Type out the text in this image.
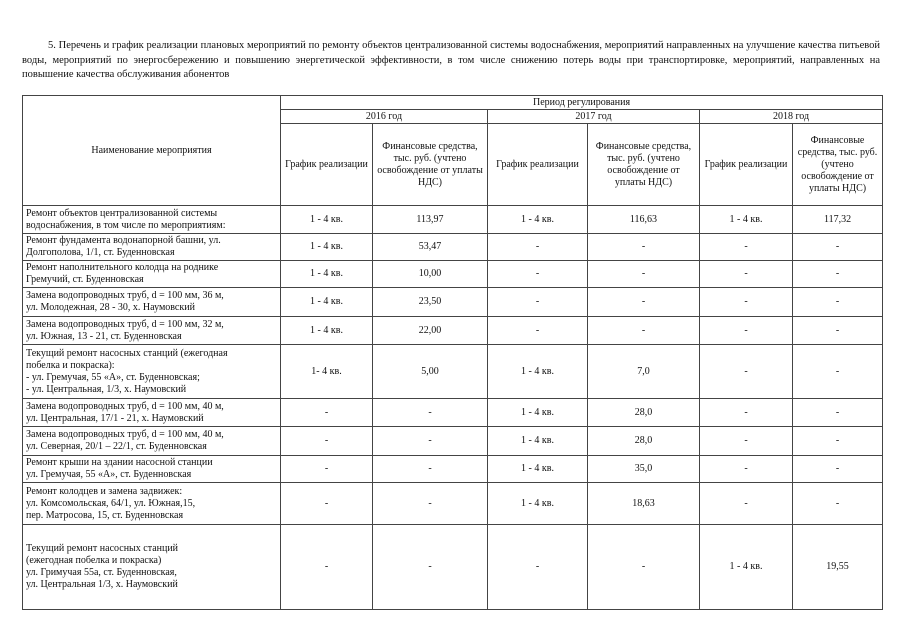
5. Перечень и график реализации плановых мероприятий по ремонту объектов централизованной системы водоснабжения, мероприятий направленных на улучшение качества питьевой воды, мероприятий по энергосбережению и повышению энергетической эффективности, в том числе снижению потерь воды при транспортировке, мероприятий, направленных на повышение качества обслуживания абонентов
Наименование мероприятия	Период регулирования					
	2016 год		2017 год		2018 год	
	График реализации	Финансовые средства, тыс. руб. (учтено освобождение от уплаты НДС)	График реализации	Финансовые средства, тыс. руб. (учтено освобождение от уплаты НДС)	График реализации	Финансовые средства, тыс. руб. (учтено освобождение от уплаты НДС)

Ремонт объектов централизованной системы
водоснабжения, в том числе по мероприятиям:	1 - 4 кв.	113,97	1 - 4 кв.	116,63	1 - 4 кв.	117,32

Ремонт фундамента водонапорной башни, ул.
Долгополова, 1/1, ст. Буденновская	1 - 4 кв.	53,47	-	-	-	-

Ремонт наполнительного колодца на роднике
Гремучий, ст. Буденновская	1 - 4 кв.	10,00	-	-	-	-

Замена водопроводных труб, d = 100 мм, 36 м,
ул. Молодежная, 28 - 30, х. Наумовский	1 - 4 кв.	23,50	-	-	-	-

Замена водопроводных труб, d = 100 мм, 32 м,
ул. Южная, 13 - 21, ст. Буденновская	1 - 4 кв.	22,00	-	-	-	-

Текущий ремонт насосных станций (ежегодная
побелка и покраска):
- ул. Гремучая, 55 «А», ст. Буденновская;
- ул. Центральная, 1/3, х. Наумовский	1- 4 кв.	5,00	1 - 4 кв.	7,0	-	-

Замена водопроводных труб, d = 100 мм, 40 м,
ул. Центральная, 17/1 - 21, х. Наумовский	-	-	1 - 4 кв.	28,0	-	-

Замена водопроводных труб, d = 100 мм, 40 м,
ул. Северная, 20/1 – 22/1, ст. Буденновская	-	-	1 - 4 кв.	28,0	-	-

Ремонт крыши на здании насосной станции
ул. Гремучая, 55 «А», ст. Буденновская	-	-	1 - 4 кв.	35,0	-	-

Ремонт колодцев и замена задвижек:
ул. Комсомольская, 64/1, ул. Южная,15,
пер. Матросова, 15, ст. Буденновская	-	-	1 - 4 кв.	18,63	-	-

Текущий ремонт насосных станций
(ежегодная побелка и покраска)
ул. Гримучая 55а, ст. Буденновская,
ул. Центральная 1/3, х. Наумовский	-	-	-	-	1 - 4 кв.	19,55
